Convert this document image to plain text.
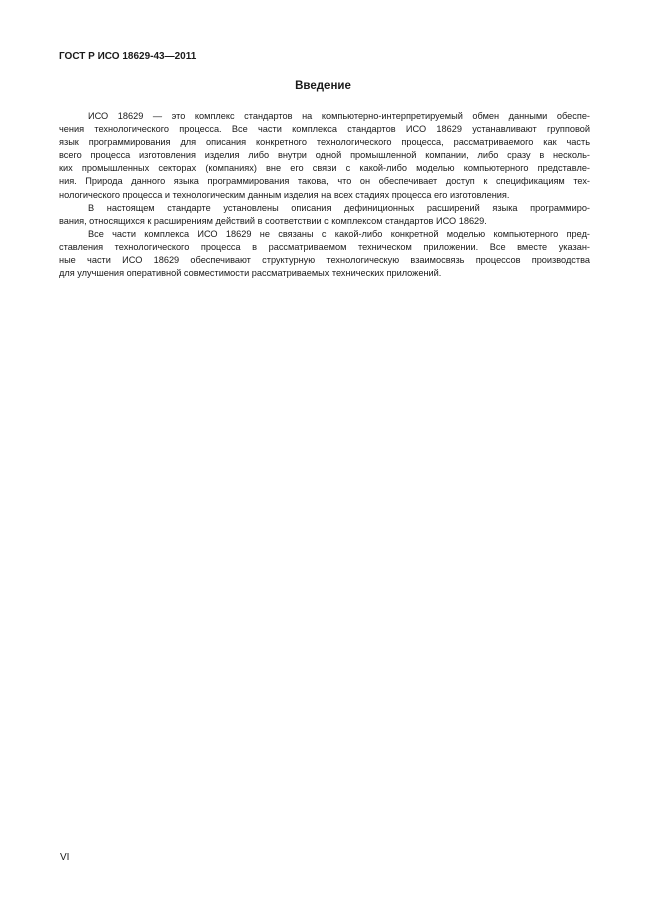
ГОСТ Р ИСО 18629-43—2011
Введение
ИСО 18629 — это комплекс стандартов на компьютерно-интерпретируемый обмен данными обеспе-
чения технологического процесса. Все части комплекса стандартов ИСО 18629 устанавливают групповой
язык программирования для описания конкретного технологического процесса, рассматриваемого как часть
всего процесса изготовления изделия либо внутри одной промышленной компании, либо сразу в несколь-
ких промышленных секторах (компаниях) вне его связи с какой-либо моделью компьютерного представле-
ния. Природа данного языка программирования такова, что он обеспечивает доступ к спецификациям тех-
нологического процесса и технологическим данным изделия на всех стадиях процесса его изготовления.
В настоящем стандарте установлены описания дефиниционных расширений языка программиро-
вания, относящихся к расширениям действий в соответствии с комплексом стандартов ИСО 18629.
Все части комплекса ИСО 18629 не связаны с какой-либо конкретной моделью компьютерного пред-
ставления технологического процесса в рассматриваемом техническом приложении. Все вместе указан-
ные части ИСО 18629 обеспечивают структурную технологическую взаимосвязь процессов производства
для улучшения оперативной совместимости рассматриваемых технических приложений.
VI
